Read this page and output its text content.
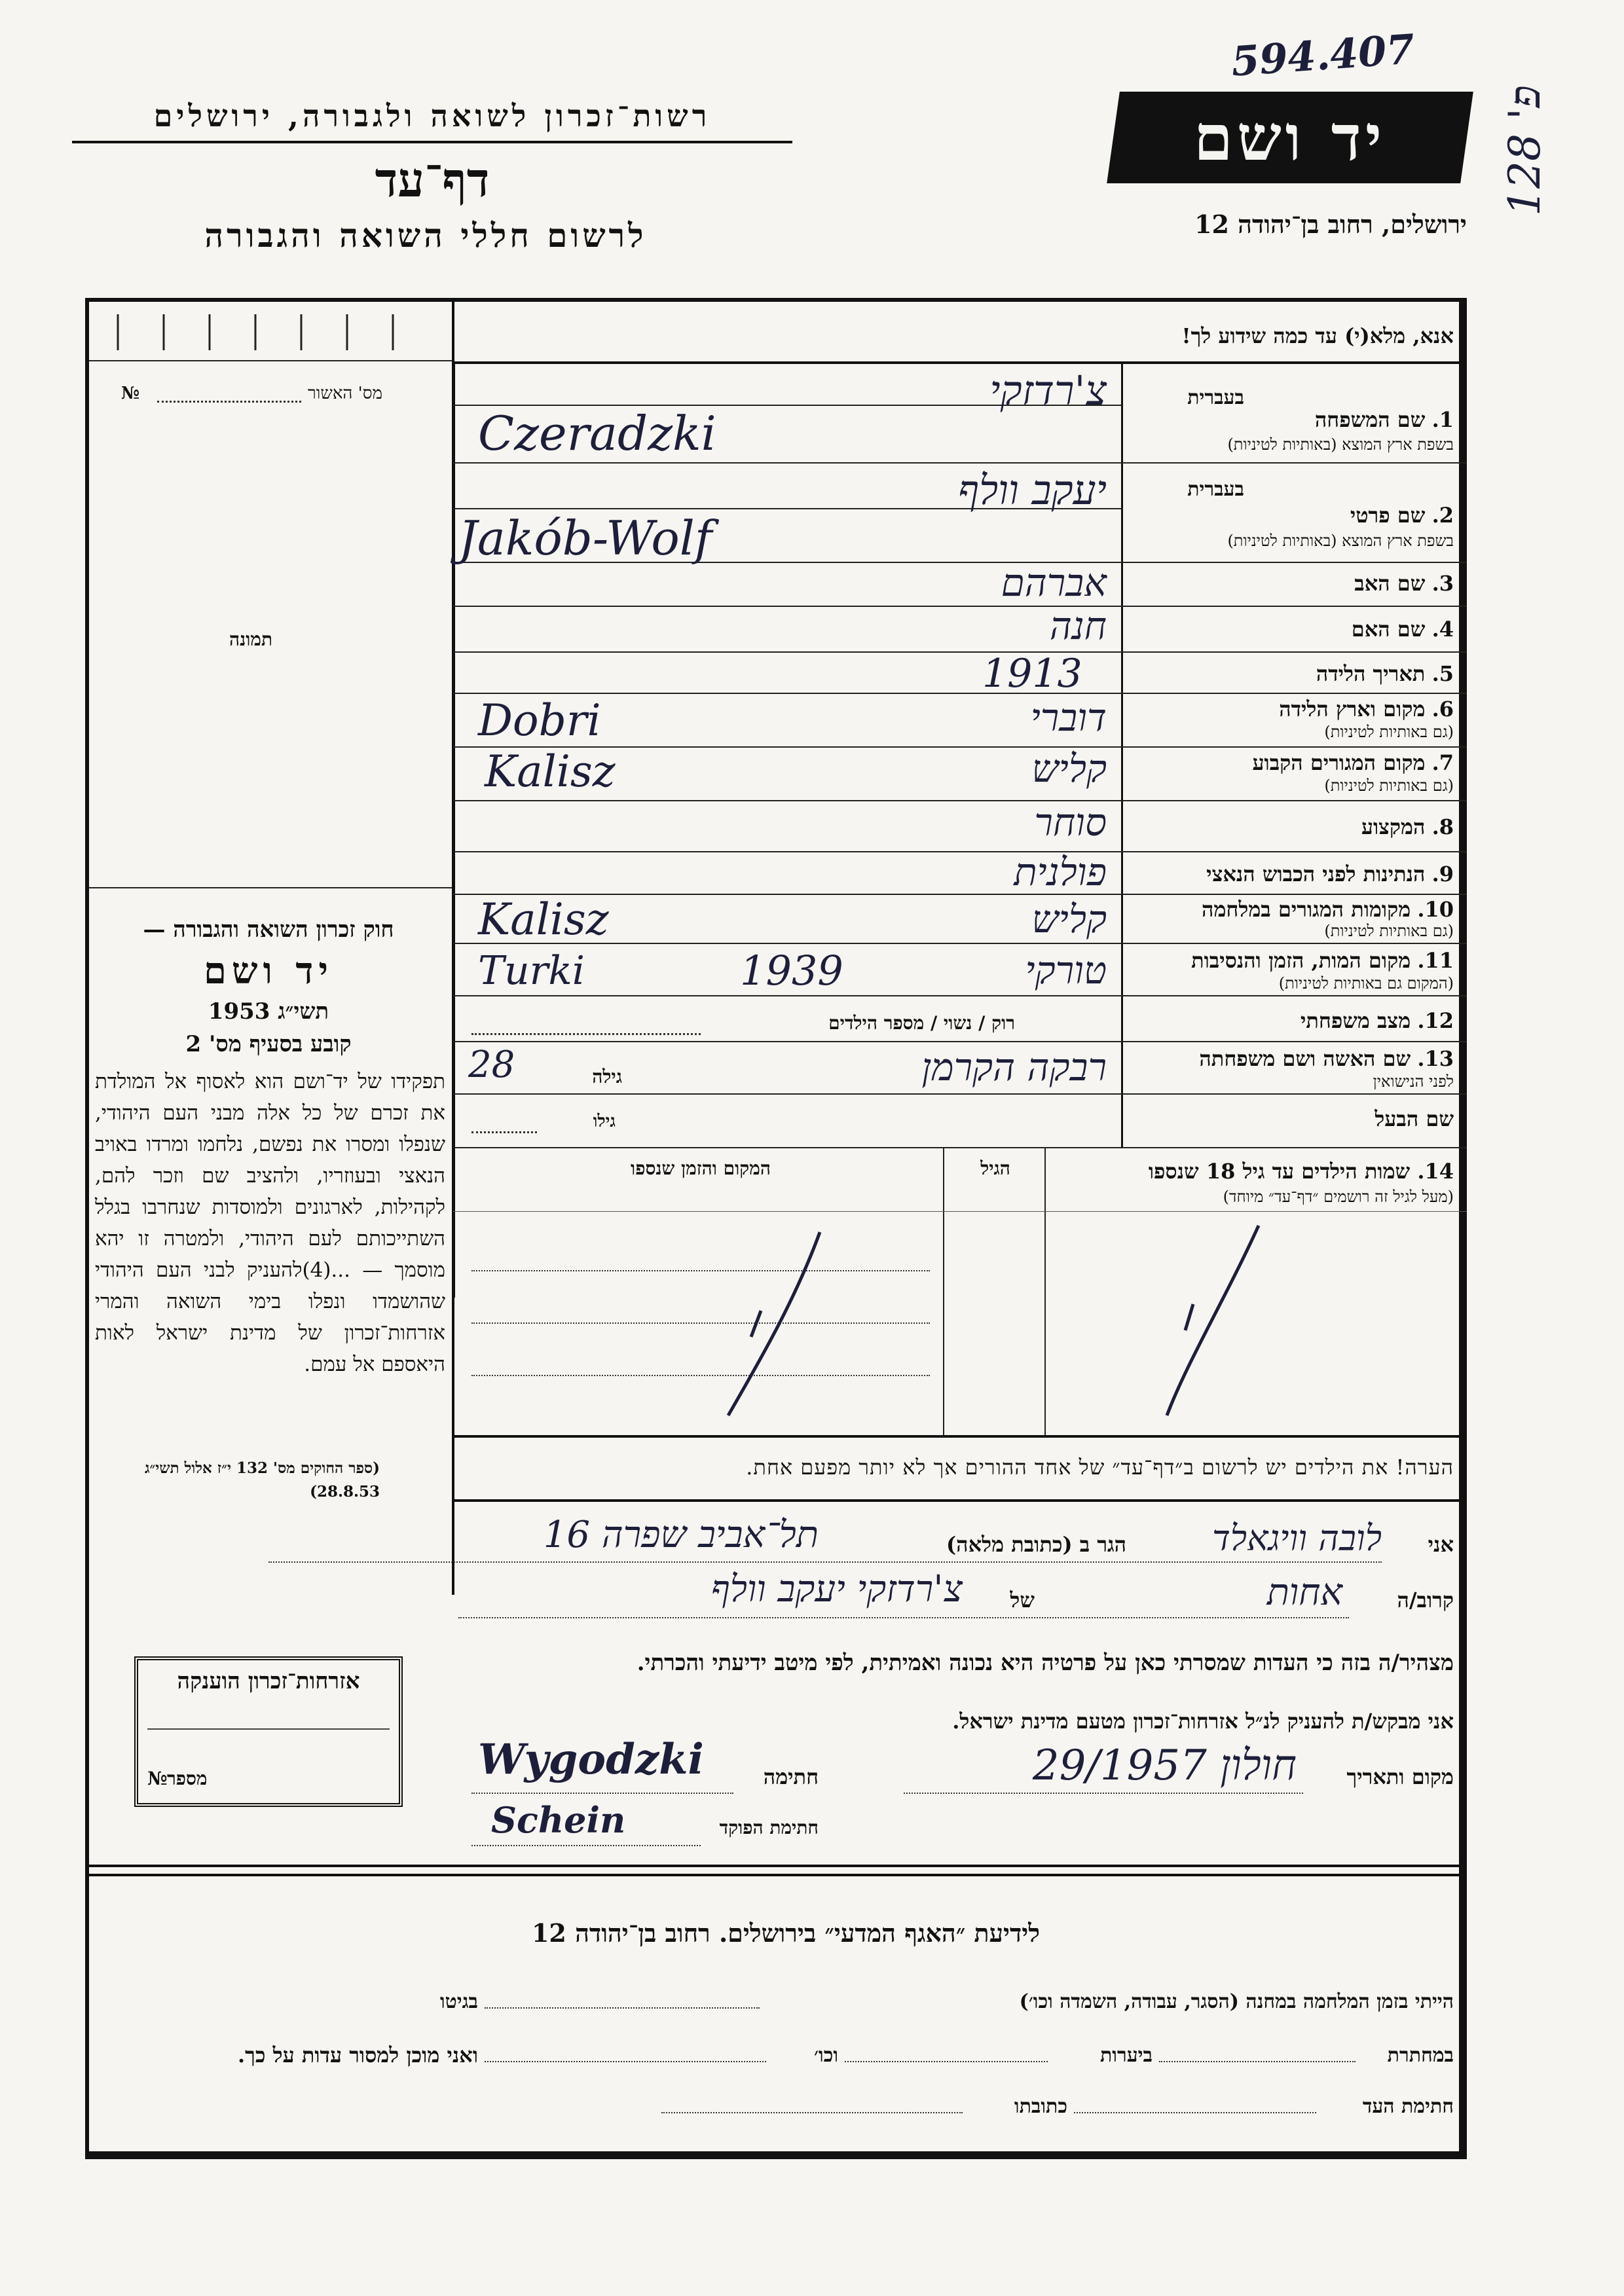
594.407
פ' 128
רשות־זכרון לשואה ולגבורה, ירושלים
דף־עד
לרשום חללי השואה והגבורה
יד ושם
ירושלים, רחוב בן־יהודה 12
מס' האשור
№
תמונה
חוק זכרון השואה והגבורה —
יד ושם
תשי״ג 1953
קובע בסעיף מס' 2
תפקידו של יד־ושם הוא לאסוף אל המולדת את זכרם של כל אלה מבני העם היהודי, שנפלו ומסרו את נפשם, נלחמו ומרדו באויב הנאצי ובעוזריו, ולהציב שם וזכר להם, לקהילות, לארגונים ולמוסדות שנחרבו בגלל השתייכותם לעם היהודי, ולמטרה זו יהא מוסמך — ...(4)להעניק לבני העם היהודי שהושמדו ונפלו בימי השואה והמרי אזרחות־זכרון של מדינת ישראל לאות היאספם אל עמם.
(ספר החוקים מס' 132 י״ז אלול תשי״ג 28.8.53)
אזרחות־זכרון הוענקה
מספר
№
אנא, מלא(י) עד כמה שידוע לך!
בעברית
1. שם המשפחה
בשפת ארץ המוצא (באותיות לטיניות)
בעברית
2. שם פרטי
בשפת ארץ המוצא (באותיות לטיניות)
3. שם האב
4. שם האם
5. תאריך הלידה
6. מקום וארץ הלידה
(גם באותיות לטיניות)
7. מקום המגורים הקבוע
(גם באותיות לטיניות)
8. המקצוע
9. הנתינות לפני הכבוש הנאצי
10. מקומות המגורים במלחמה
(גם באותיות לטיניות)
11. מקום המות, הזמן והנסיבות
(המקום גם באותיות לטיניות)
12. מצב משפחתי
רוק / נשוי / מספר הילדים
13. שם האשה ושם משפחתה
לפני הנישואין
גילה
שם הבעל
גילו
צ'רדזקי
Czeradzki
יעקב וולף
Jakób-Wolf
אברהם
חנה
1913
דוברי
Dobri
קליש
Kalisz
סוחר
פולנית
קליש
Kalisz
טורקי
1939
Turki
רבקה הקרמן
28
14. שמות הילדים עד גיל 18 שנספו
(מעל לגיל זה רושמים ״דף־עד״ מיוחד)
הגיל
המקום והזמן שנספו
הערה! את הילדים יש לרשום ב״דף־עד״ של אחד ההורים אך לא יותר מפעם אחת.
אני
לובה וויגאלד
הגר ב (כתובת מלאה)
תל־אביב שפרה 16
קרוב/ה
אחות
של
צ'רדזקי יעקב וולף
מצהיר/ה בזה כי העדות שמסרתי כאן על פרטיה היא נכונה ואמיתית, לפי מיטב ידיעתי והכרתי.
אני מבקש/ת להעניק לנ״ל אזרחות־זכרון מטעם מדינת ישראל.
מקום ותאריך
חולון 29/1957
חתימה
Wygodzki
חתימת הפוקד
Schein
לידיעת ״האגף המדעי״ בירושלים. רחוב בן־יהודה 12
הייתי בזמן המלחמה במחנה (הסגר, עבודה, השמדה וכו׳)
בגיטו
במחתרת
ביערות
וכו׳
ואני מוכן למסור עדות על כך.
חתימת העד
כתובתו
